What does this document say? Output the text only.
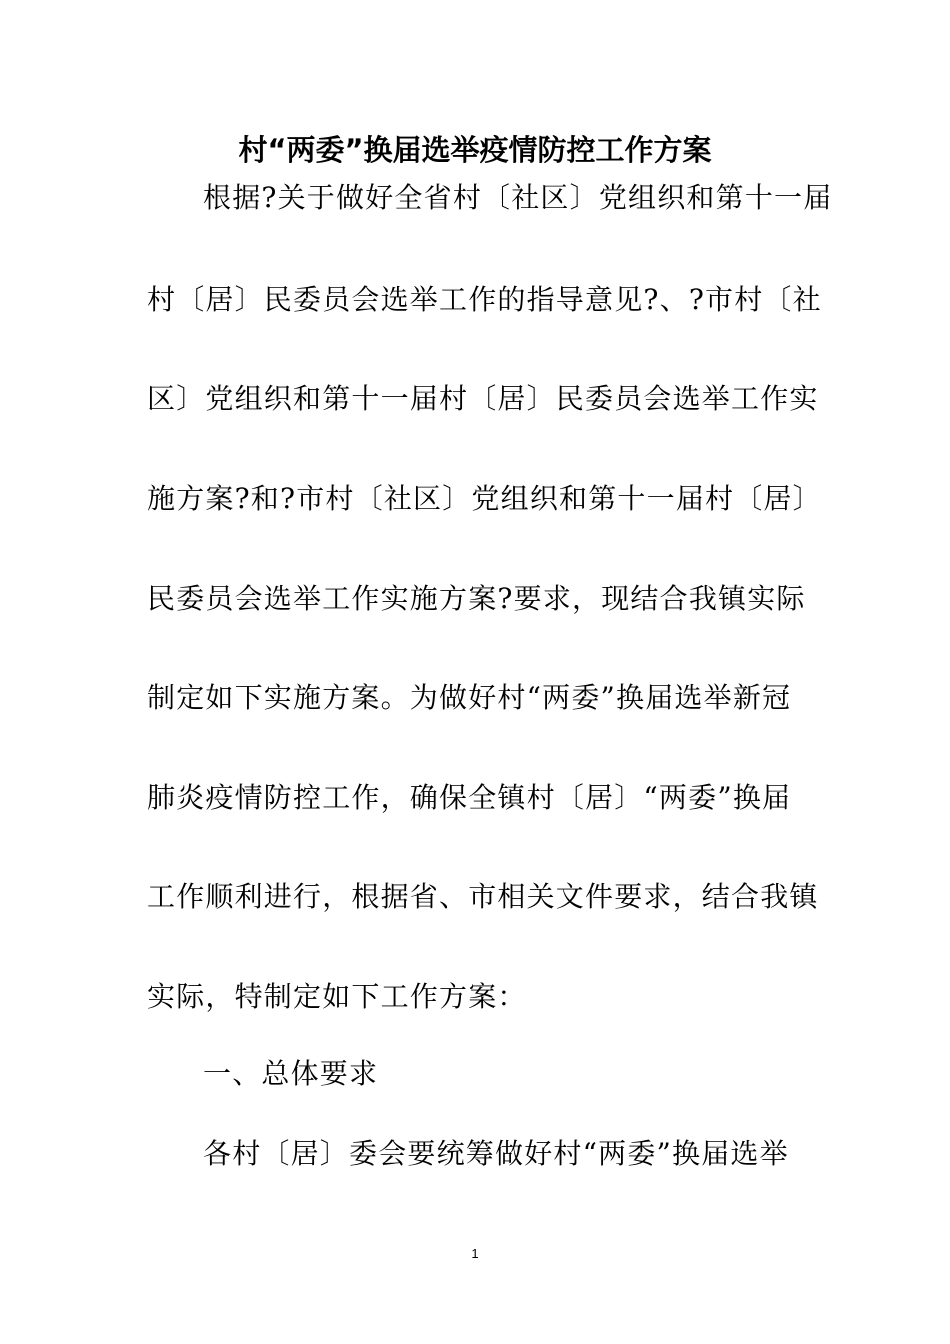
村“两委”换届选举疫情防控工作方案
根据?关于做好全省村〔社区〕党组织和第十一届
村〔居〕民委员会选举工作的指导意见?、?市村〔社
区〕党组织和第十一届村〔居〕民委员会选举工作实
施方案?和?市村〔社区〕党组织和第十一届村〔居〕
民委员会选举工作实施方案?要求，现结合我镇实际
制定如下实施方案。为做好村“两委”换届选举新冠
肺炎疫情防控工作，确保全镇村〔居〕“两委”换届
工作顺利进行，根据省、市相关文件要求，结合我镇
实际，特制定如下工作方案：
一、总体要求
各村〔居〕委会要统筹做好村“两委”换届选举
1
